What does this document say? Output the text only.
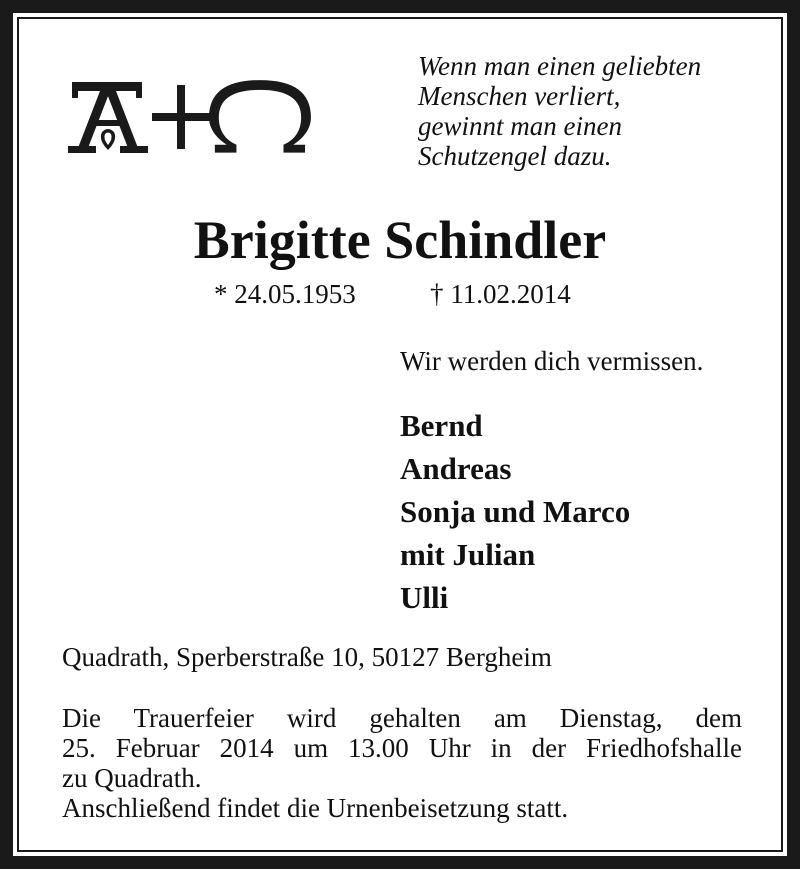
Wenn man einen geliebten
Menschen verliert,
gewinnt man einen
Schutzengel dazu.
Brigitte Schindler
* 24.05.1953	† 11.02.2014
Wir werden dich vermissen.
Bernd
Andreas
Sonja und Marco
mit Julian
Ulli
Quadrath, Sperberstraße 10, 50127 Bergheim
Die Trauerfeier wird gehalten am Dienstag, dem
25. Februar 2014 um 13.00 Uhr in der Friedhofshalle
zu Quadrath.
Anschließend findet die Urnenbeisetzung statt.
